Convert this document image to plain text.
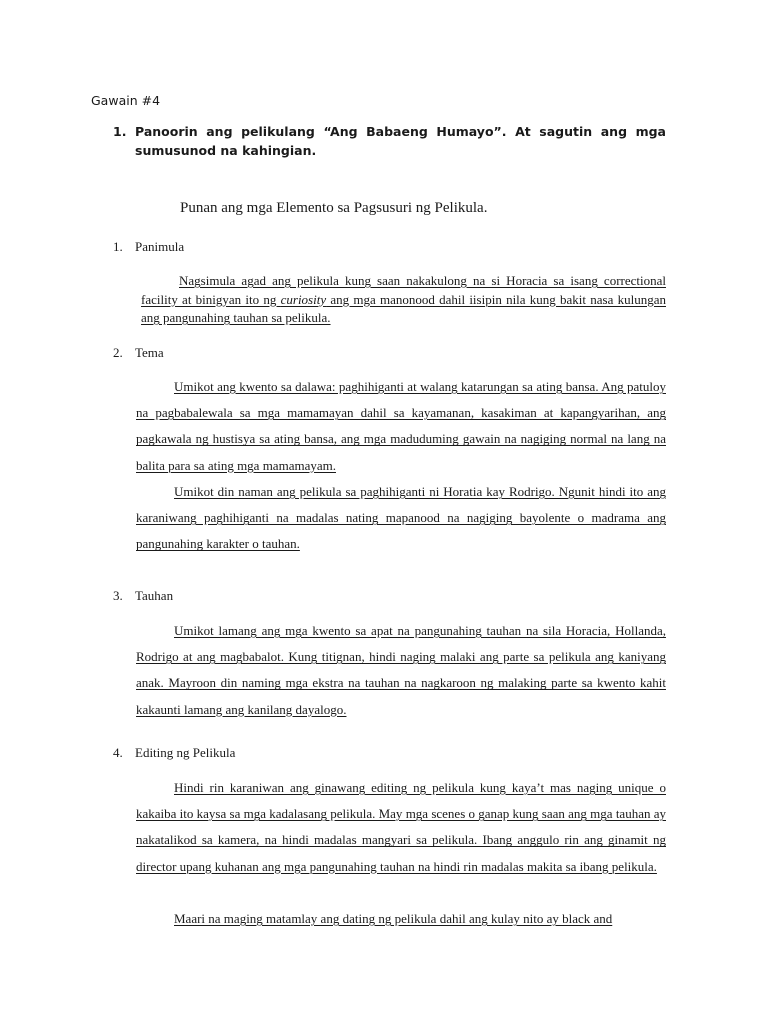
Gawain #4
1. Panoorin ang pelikulang “Ang Babaeng Humayo”. At sagutin ang mga sumusunod na kahingian.
Punan ang mga Elemento sa Pagsusuri ng Pelikula.
1. Panimula
Nagsimula agad ang pelikula kung saan nakakulong na si Horacia sa isang correctional facility at binigyan ito ng curiosity ang mga manonood dahil iisipin nila kung bakit nasa kulungan ang pangunahing tauhan sa pelikula.
2. Tema
Umikot ang kwento sa dalawa: paghihiganti at walang katarungan sa ating bansa. Ang patuloy na pagbabalewala sa mga mamamayan dahil sa kayamanan, kasakiman at kapangyarihan, ang pagkawala ng hustisya sa ating bansa, ang mga maduduming gawain na nagiging normal na lang na balita para sa ating mga mamamayam.
Umikot din naman ang pelikula sa paghihiganti ni Horatia kay Rodrigo. Ngunit hindi ito ang karaniwang paghihiganti na madalas nating mapanood na nagiging bayolente o madrama ang pangunahing karakter o tauhan.
3. Tauhan
Umikot lamang ang mga kwento sa apat na pangunahing tauhan na sila Horacia, Hollanda, Rodrigo at ang magbabalot. Kung titignan, hindi naging malaki ang parte sa pelikula ang kaniyang anak. Mayroon din naming mga ekstra na tauhan na nagkaroon ng malaking parte sa kwento kahit kakaunti lamang ang kanilang dayalogo.
4. Editing ng Pelikula
Hindi rin karaniwan ang ginawang editing ng pelikula kung kaya’t mas naging unique o kakaiba ito kaysa sa mga kadalasang pelikula. May mga scenes o ganap kung saan ang mga tauhan ay nakatalikod sa kamera, na hindi madalas mangyari sa pelikula. Ibang anggulo rin ang ginamit ng director upang kuhanan ang mga pangunahing tauhan na hindi rin madalas makita sa ibang pelikula.
Maari na maging matamlay ang dating ng pelikula dahil ang kulay nito ay black and
